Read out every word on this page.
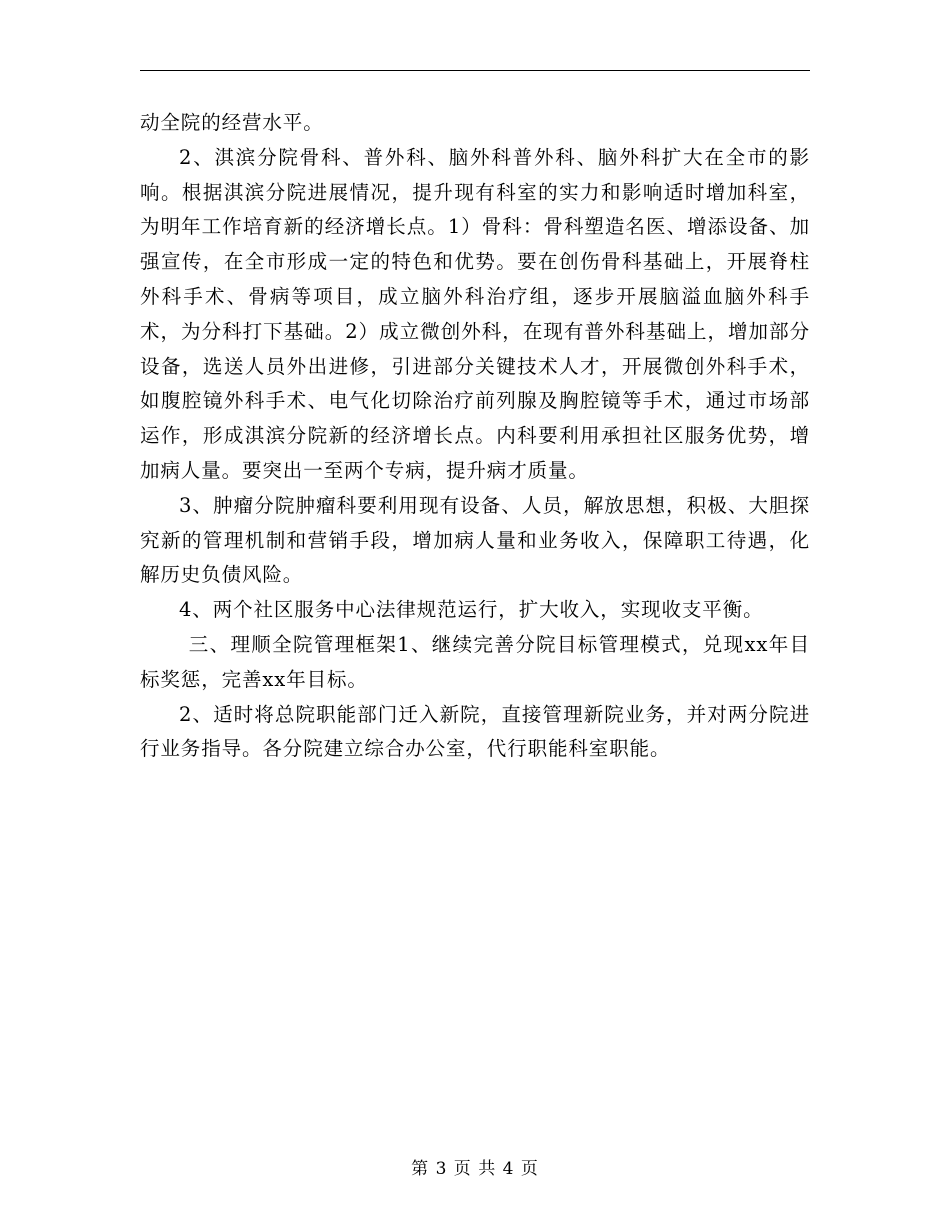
动全院的经营水平。

2、淇滨分院骨科、普外科、脑外科普外科、脑外科扩大在全市的影响。根据淇滨分院进展情况，提升现有科室的实力和影响适时增加科室，为明年工作培育新的经济增长点。1）骨科：骨科塑造名医、增添设备、加强宣传，在全市形成一定的特色和优势。要在创伤骨科基础上，开展脊柱外科手术、骨病等项目，成立脑外科治疗组，逐步开展脑溢血脑外科手术，为分科打下基础。2）成立微创外科，在现有普外科基础上，增加部分设备，选送人员外出进修，引进部分关键技术人才，开展微创外科手术，如腹腔镜外科手术、电气化切除治疗前列腺及胸腔镜等手术，通过市场部运作，形成淇滨分院新的经济增长点。内科要利用承担社区服务优势，增加病人量。要突出一至两个专病，提升病才质量。

3、肿瘤分院肿瘤科要利用现有设备、人员，解放思想，积极、大胆探究新的管理机制和营销手段，增加病人量和业务收入，保障职工待遇，化解历史负债风险。

4、两个社区服务中心法律规范运行，扩大收入，实现收支平衡。

三、理顺全院管理框架1、继续完善分院目标管理模式，兑现xx年目标奖惩，完善xx年目标。

2、适时将总院职能部门迁入新院，直接管理新院业务，并对两分院进行业务指导。各分院建立综合办公室，代行职能科室职能。

第 3 页 共 4 页
